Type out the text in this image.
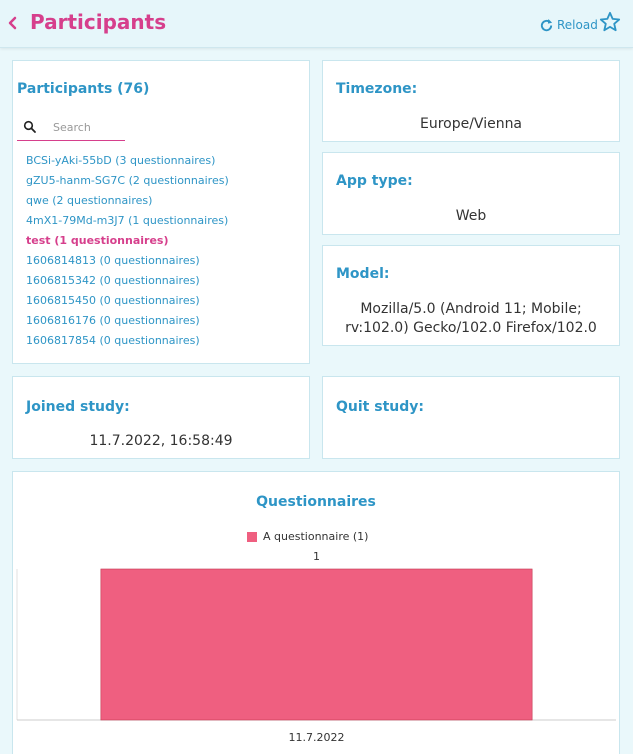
Participants	Reload
Participants (76)
Search
BCSi-yAki-55bD (3 questionnaires)
gZU5-hanm-SG7C (2 questionnaires)
qwe (2 questionnaires)
4mX1-79Md-m3J7 (1 questionnaires)
test (1 questionnaires)
1606814813 (0 questionnaires)
1606815342 (0 questionnaires)
1606815450 (0 questionnaires)
1606816176 (0 questionnaires)
1606817854 (0 questionnaires)
Timezone:
Europe/Vienna
App type:
Web
Model:
Mozilla/5.0 (Android 11; Mobile;
rv:102.0) Gecko/102.0 Firefox/102.0
Joined study:
11.7.2022, 16:58:49
Quit study:
A questionnaire (1)
Questionnaires
1
11.7.2022
